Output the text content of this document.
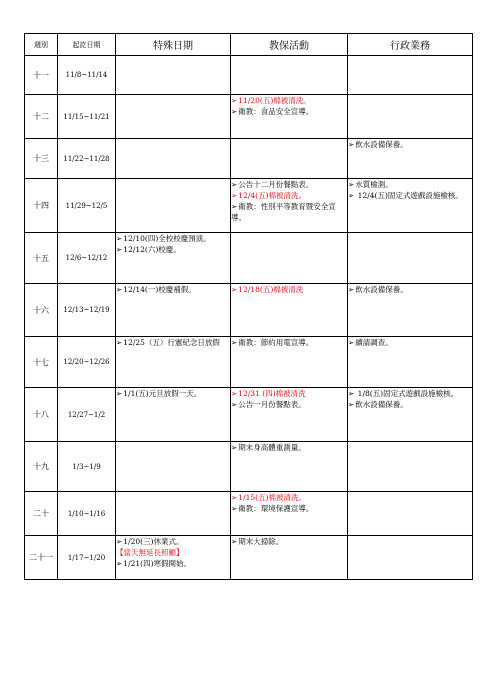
週別	起訖日期	特殊日期	教保活動	行政業務
十一	11/8~11/14			
十二	11/15~11/21		➢11/20(五)棉被清洗。
➢衛教：食品安全宣導。	

十三	11/22~11/28			➢飲水設備保養。

十四	11/29~12/5		➢公告十二月份餐點表。
➢12/4(五)棉被清洗。
➢衛教：性別平等教育暨安全宣導。	➢水質檢測。
➢ 12/4(五)固定式遊戲設施檢核。

十五	12/6~12/12	➢12/10(四)全校校慶預演。
➢12/12(六)校慶。		

十六	12/13~12/19	➢12/14(一)校慶補假。	➢12/18(五)棉被清洗	➢飲水設備保養。

十七	12/20~12/26	➢12/25（五）行憲紀念日放假	➢衛教：節約用電宣導。	➢續請調查。

十八	12/27~1/2	➢1/1(五)元旦放假一天。	➢12/31 (四)棉被清洗
➢公告一月份餐點表。	➢ 1/8(五)固定式遊戲設施檢核。
➢飲水設備保養。

十九	1/3~1/9		➢期末身高體重測量。	

二十	1/10~1/16		➢1/15(五)棉被清洗。
➢衛教：環境保護宣導。	

二十一	1/17~1/20	➢1/20(三)休業式。
【當天無延長照顧】
➢1/21(四)寒假開始。	➢期末大掃除。	
